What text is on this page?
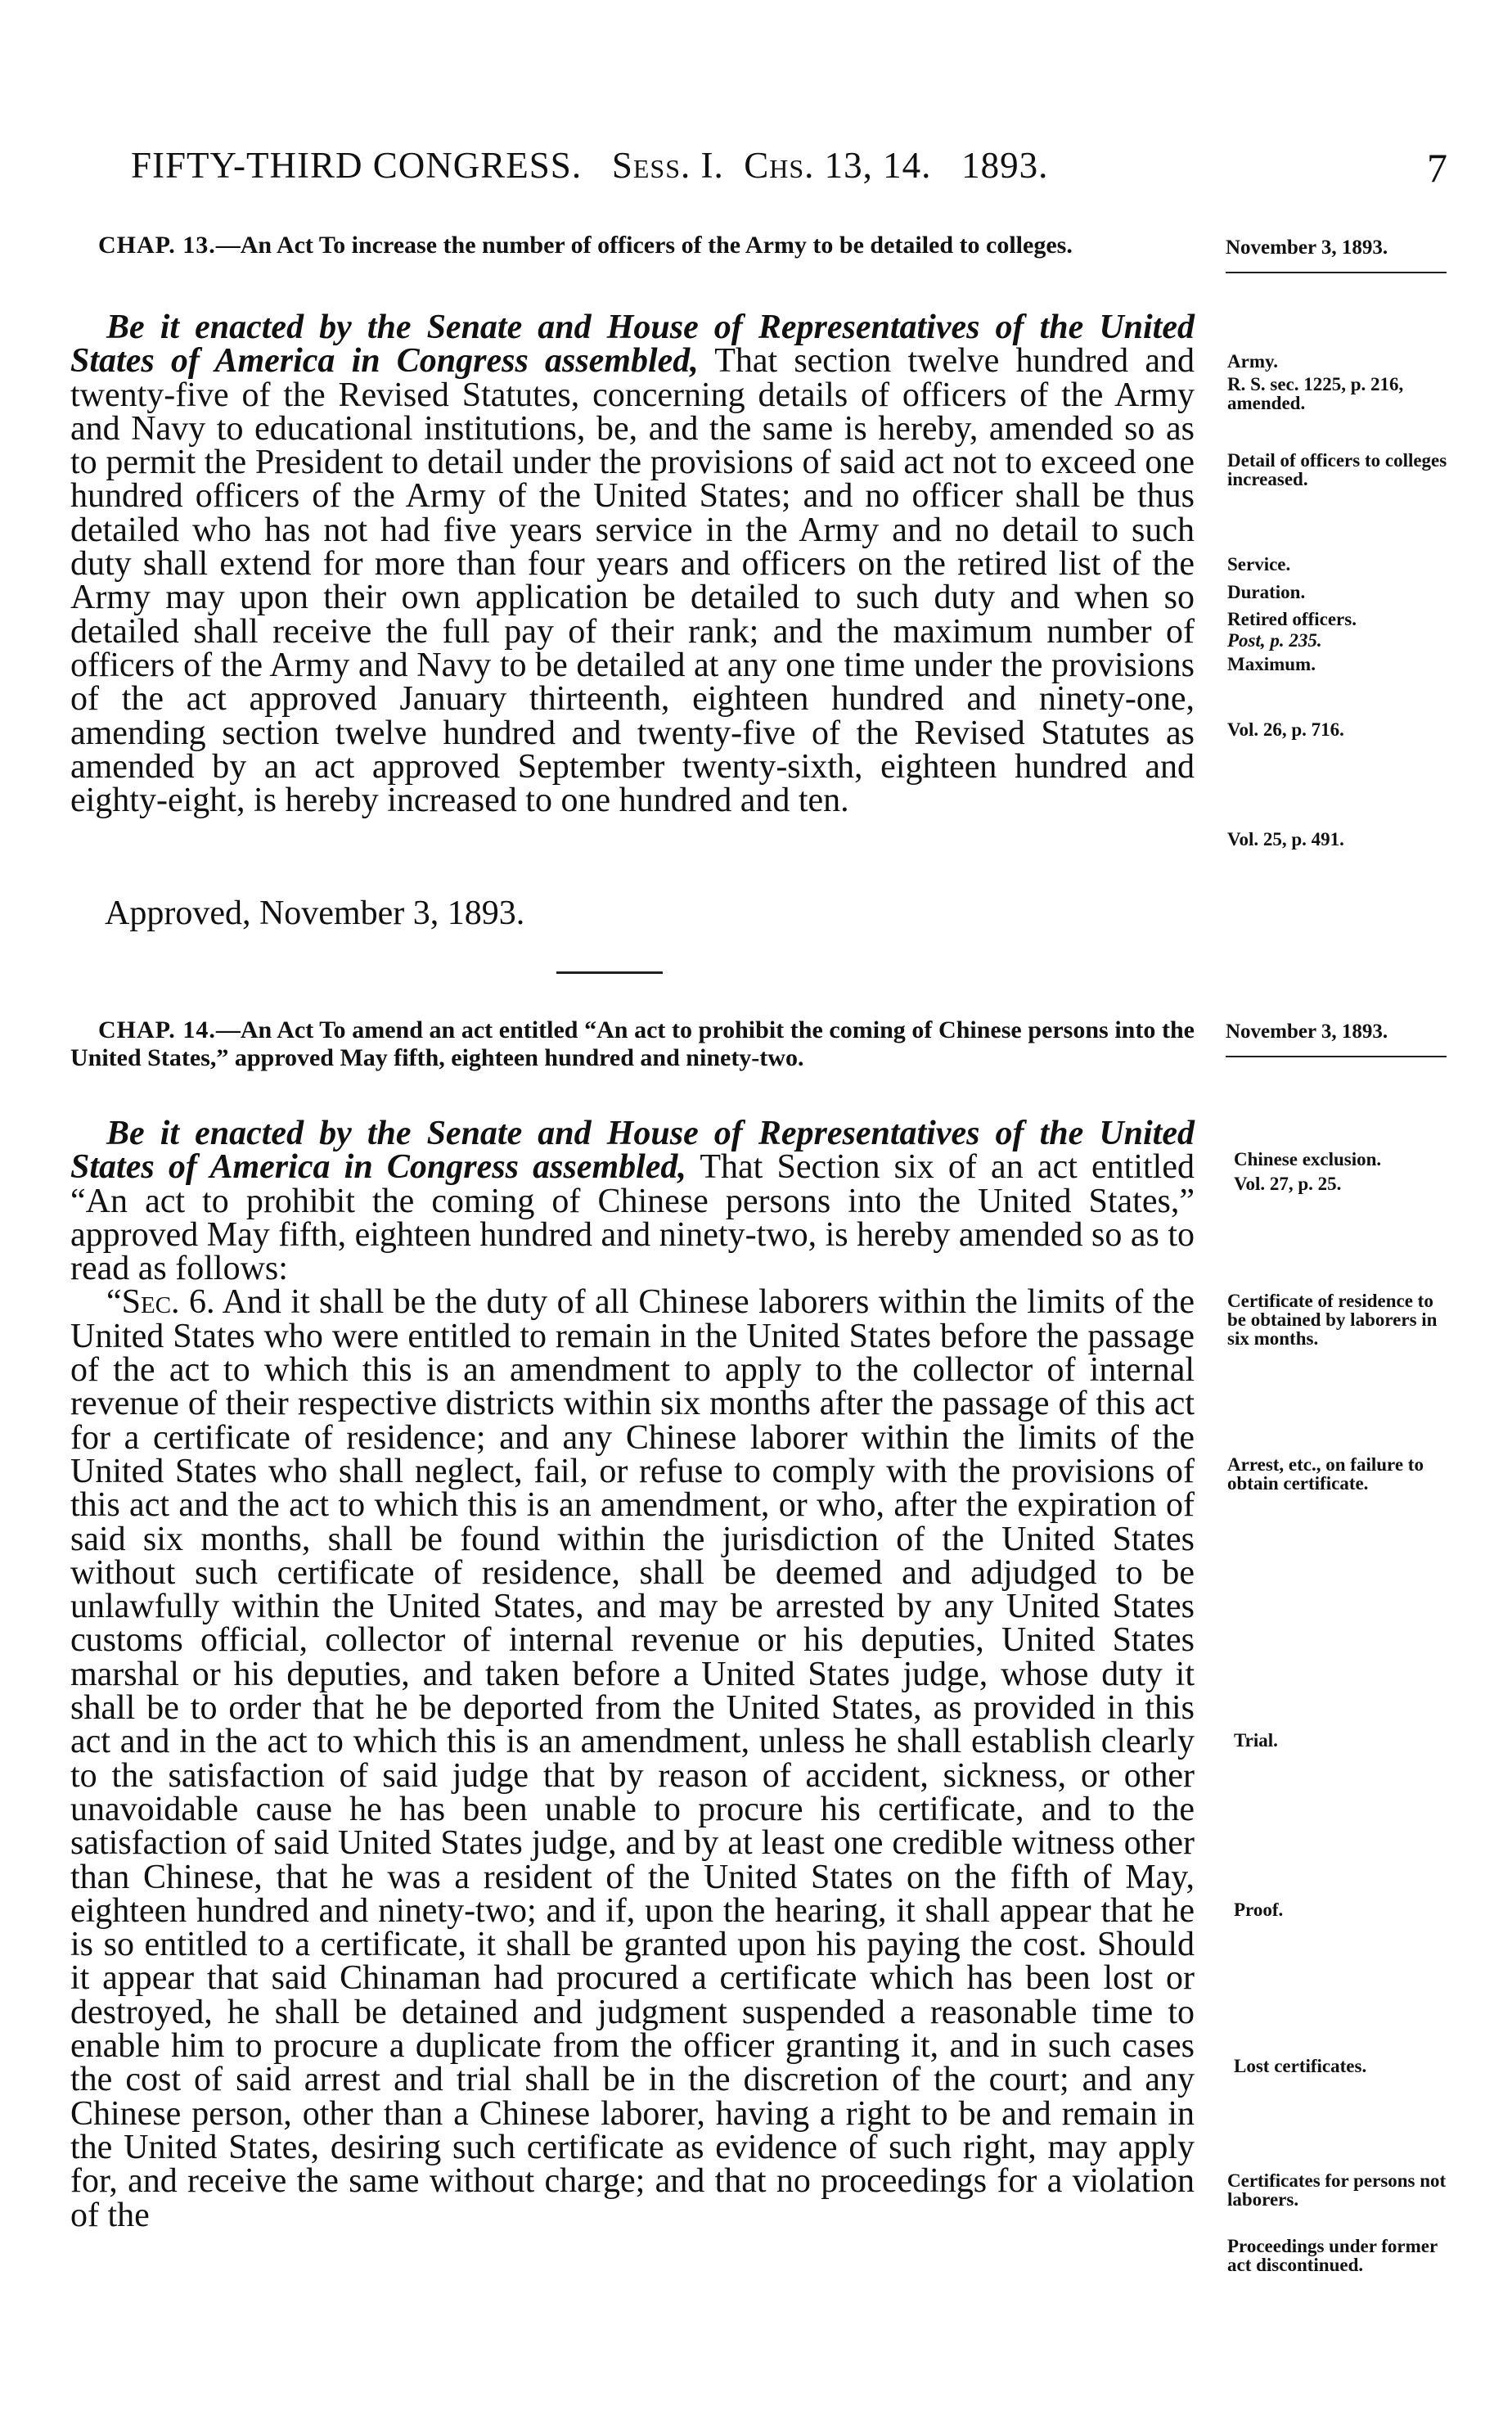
FIFTY-THIRD CONGRESS. Sess. I. Chs. 13, 14. 1893.	7
CHAP. 13.—An Act To increase the number of officers of the Army to be detailed to colleges.	November 3, 1893.

Be it enacted by the Senate and House of Representatives of the United States of America in Congress assembled, That section twelve hundred and twenty-five of the Revised Statutes, concerning details of officers of the Army and Navy to educational institutions, be, and the same is hereby, amended so as to permit the President to detail under the provisions of said act not to exceed one hundred officers of the Army of the United States; and no officer shall be thus detailed who has not had five years service in the Army and no detail to such duty shall extend for more than four years and officers on the retired list of the Army may upon their own application be detailed to such duty and when so detailed shall receive the full pay of their rank; and the maximum number of officers of the Army and Navy to be detailed at any one time under the provisions of the act approved January thirteenth, eighteen hundred and ninety-one, amending section twelve hundred and twenty-five of the Revised Statutes as amended by an act approved September twenty-sixth, eighteen hundred and eighty-eight, is hereby increased to one hundred and ten.

Army.
R. S. sec. 1225, p. 216, amended.
Detail of officers to colleges increased.
Service.
Duration.
Retired officers.
Post, p. 235.
Maximum.
Vol. 26, p. 716.
Vol. 25, p. 491.
Approved, November 3, 1893.
CHAP. 14.—An Act To amend an act entitled “An act to prohibit the coming of Chinese persons into the United States,” approved May fifth, eighteen hundred and ninety-two.
November 3, 1893.

Be it enacted by the Senate and House of Representatives of the United States of America in Congress assembled, That Section six of an act entitled “An act to prohibit the coming of Chinese persons into the United States,” approved May fifth, eighteen hundred and ninety-two, is hereby amended so as to read as follows:

“Sec. 6. And it shall be the duty of all Chinese laborers within the limits of the United States who were entitled to remain in the United States before the passage of the act to which this is an amendment to apply to the collector of internal revenue of their respective districts within six months after the passage of this act for a certificate of residence; and any Chinese laborer within the limits of the United States who shall neglect, fail, or refuse to comply with the provisions of this act and the act to which this is an amendment, or who, after the expiration of said six months, shall be found within the jurisdiction of the United States without such certificate of residence, shall be deemed and adjudged to be unlawfully within the United States, and may be arrested by any United States customs official, collector of internal revenue or his deputies, United States marshal or his deputies, and taken before a United States judge, whose duty it shall be to order that he be deported from the United States, as provided in this act and in the act to which this is an amendment, unless he shall establish clearly to the satisfaction of said judge that by reason of accident, sickness, or other unavoidable cause he has been unable to procure his certificate, and to the satisfaction of said United States judge, and by at least one credible witness other than Chinese, that he was a resident of the United States on the fifth of May, eighteen hundred and ninety-two; and if, upon the hearing, it shall appear that he is so entitled to a certificate, it shall be granted upon his paying the cost. Should it appear that said Chinaman had procured a certificate which has been lost or destroyed, he shall be detained and judgment suspended a reasonable time to enable him to procure a duplicate from the officer granting it, and in such cases the cost of said arrest and trial shall be in the discretion of the court; and any Chinese person, other than a Chinese laborer, having a right to be and remain in the United States, desiring such certificate as evidence of such right, may apply for, and receive the same without charge; and that no proceedings for a violation of the

Chinese exclusion.
Vol. 27, p. 25.
Certificate of residence to be obtained by laborers in six months.
Arrest, etc., on failure to obtain certificate.
Trial.
Proof.
Lost certificates.
Certificates for persons not laborers.
Proceedings under former act discontinued.
